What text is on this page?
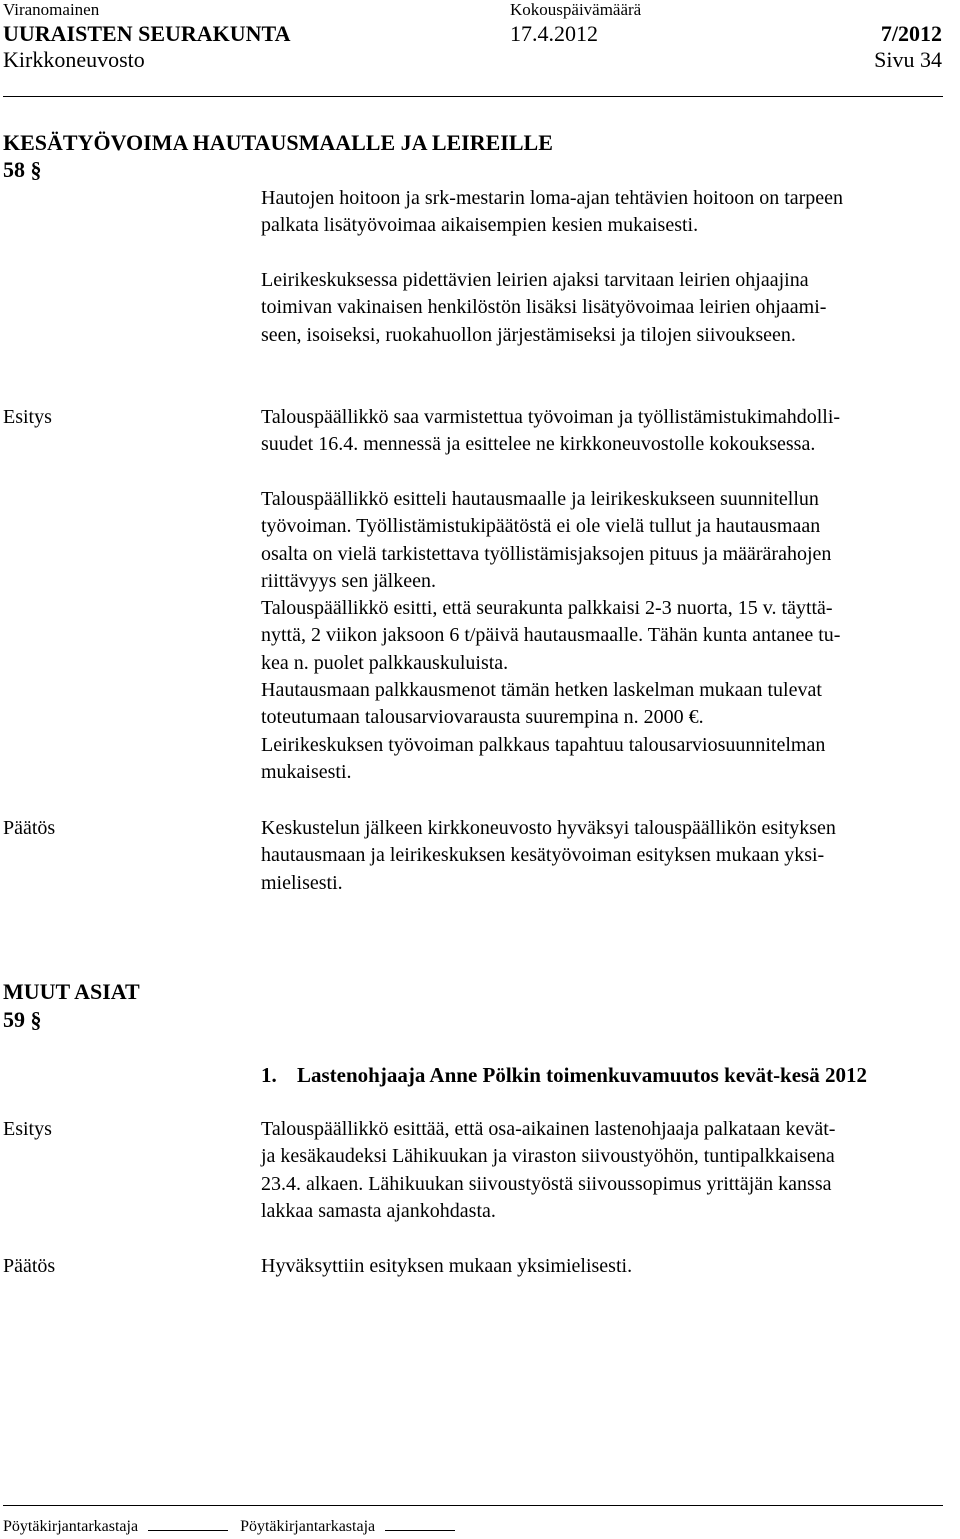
Viranomainen	Kokouspäivämäärä
UURAISTEN SEURAKUNTA	17.4.2012	7/2012
Kirkkoneuvosto	Sivu 34
KESÄTYÖVOIMA HAUTAUSMAALLE JA LEIREILLE
58 §

Hautojen hoitoon ja srk-mestarin loma-ajan tehtävien hoitoon on tarpeen

palkata lisätyövoimaa aikaisempien kesien mukaisesti.

Leirikeskuksessa pidettävien leirien ajaksi tarvitaan leirien ohjaajina

toimivan vakinaisen henkilöstön lisäksi lisätyövoimaa leirien ohjaami-

seen, isoiseksi, ruokahuollon järjestämiseksi ja tilojen siivoukseen.

Esitys	Talouspäällikkö saa varmistettua työvoiman ja työllistämistukimahdolli-

suudet 16.4. mennessä ja esittelee ne kirkkoneuvostolle kokouksessa.

Talouspäällikkö esitteli hautausmaalle ja leirikeskukseen suunnitellun

työvoiman. Työllistämistukipäätöstä ei ole vielä tullut ja hautausmaan

osalta on vielä tarkistettava työllistämisjaksojen pituus ja määrärahojen

riittävyys sen jälkeen.

Talouspäällikkö esitti, että seurakunta palkkaisi 2-3 nuorta, 15 v. täyttä-

nyttä, 2 viikon jaksoon 6 t/päivä hautausmaalle. Tähän kunta antanee tu-

kea n. puolet palkkauskuluista.

Hautausmaan palkkausmenot tämän hetken laskelman mukaan tulevat

toteutumaan talousarviovarausta suurempina n. 2000 €.

Leirikeskuksen työvoiman palkkaus tapahtuu talousarviosuunnitelman

mukaisesti.

Päätös	Keskustelun jälkeen kirkkoneuvosto hyväksyi talouspäällikön esityksen

hautausmaan ja leirikeskuksen kesätyövoiman esityksen mukaan yksi-

mielisesti.

MUUT ASIAT
59 §
1. Lastenohjaaja Anne Pölkin toimenkuvamuutos kevät-kesä 2012
Esitys	Talouspäällikkö esittää, että osa-aikainen lastenohjaaja palkataan kevät-

ja kesäkaudeksi Lähikuukan ja viraston siivoustyöhön, tuntipalkkaisena

23.4. alkaen. Lähikuukan siivoustyöstä siivoussopimus yrittäjän kanssa

lakkaa samasta ajankohdasta.

Päätös	Hyväksyttiin esityksen mukaan yksimielisesti.
Pöytäkirjantarkastaja	Pöytäkirjantarkastaja
